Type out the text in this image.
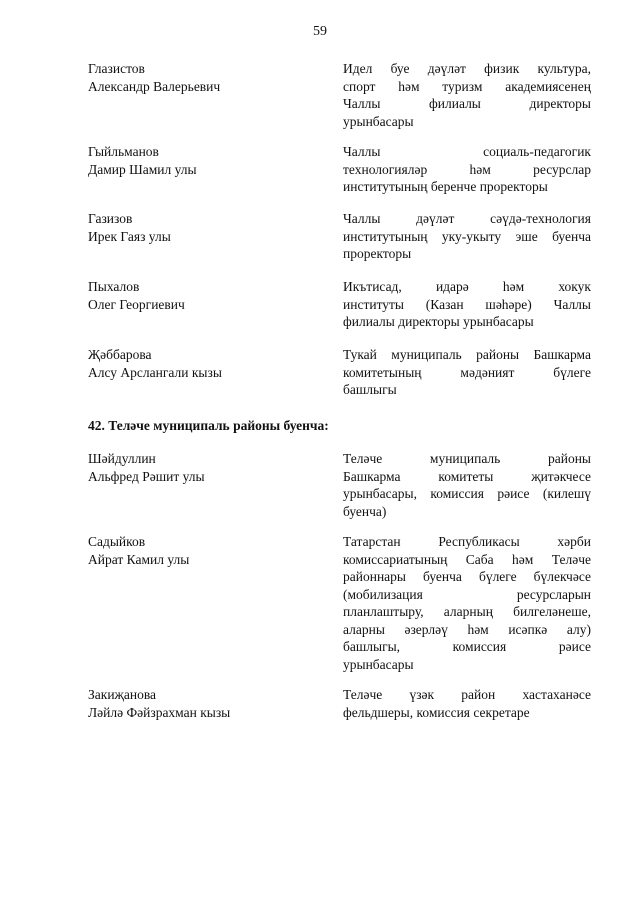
59
Глазистов
Александр Валерьевич
Идел буе дәүләт физик культура,
спорт һәм туризм академиясенең
Чаллы филиалы директоры
урынбасары
Гыйльманов
Дамир Шамил улы
Чаллы социаль-педагогик
технологияләр һәм ресурслар
институтының беренче проректоры
Газизов
Ирек Гаяз улы
Чаллы дәүләт сәүдә-технология
институтының уку-укыту эше буенча
проректоры
Пыхалов
Олег Георгиевич
Икътисад, идарә һәм хокук
институты (Казан шәһәре) Чаллы
филиалы директоры урынбасары
Җәббарова
Алсу Арслангали кызы
Тукай муниципаль районы Башкарма
комитетының мәдәният бүлеге
башлыгы
42. Теләче муниципаль районы буенча:
Шәйдуллин
Альфред Рәшит улы
Теләче муниципаль районы
Башкарма комитеты җитәкчесе
урынбасары, комиссия рәисе (килешү
буенча)
Садыйков
Айрат Камил улы
Татарстан Республикасы хәрби
комиссариатының Саба һәм Теләче
районнары буенча бүлеге бүлекчәсе
(мобилизация ресурсларын
планлаштыру, аларның билгеләнеше,
аларны әзерләү һәм исәпкә алу)
башлыгы, комиссия рәисе
урынбасары
Закиҗанова
Ләйлә Фәйзрахман кызы
Теләче үзәк район хастаханәсе
фельдшеры, комиссия секретаре
